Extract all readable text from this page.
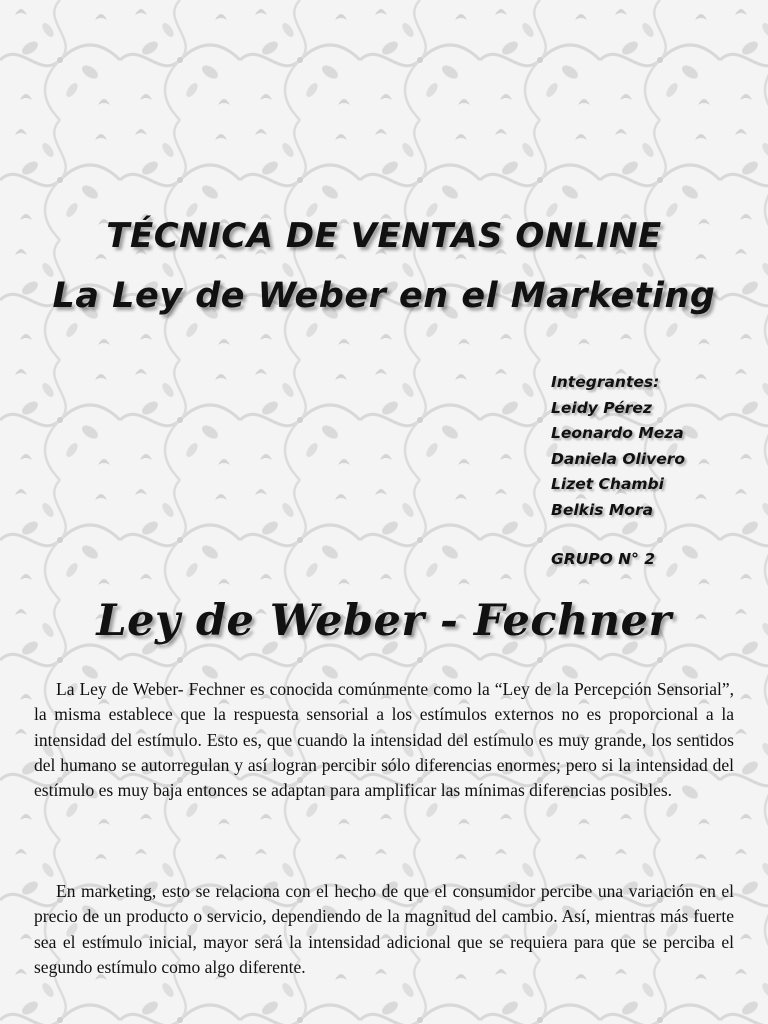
TÉCNICA DE VENTAS ONLINE
La Ley de Weber en el Marketing
Integrantes:
Leidy Pérez
Leonardo Meza
Daniela Olivero
Lizet Chambi
Belkis Mora
GRUPO N° 2
Ley de Weber - Fechner
La Ley de Weber- Fechner es conocida comúnmente como la “Ley de la Percepción Sensorial”, la misma establece que la respuesta sensorial a los estímulos externos no es proporcional a la intensidad del estímulo. Esto es, que cuando la intensidad del estímulo es muy grande, los sentidos del humano se autorregulan y así logran percibir sólo diferencias enormes; pero si la intensidad del estímulo es muy baja entonces se adaptan para amplificar las mínimas diferencias posibles.
En marketing, esto se relaciona con el hecho de que el consumidor percibe una variación en el precio de un producto o servicio, dependiendo de la magnitud del cambio. Así, mientras más fuerte sea el estímulo inicial, mayor será la intensidad adicional que se requiera para que se perciba el segundo estímulo como algo diferente.
